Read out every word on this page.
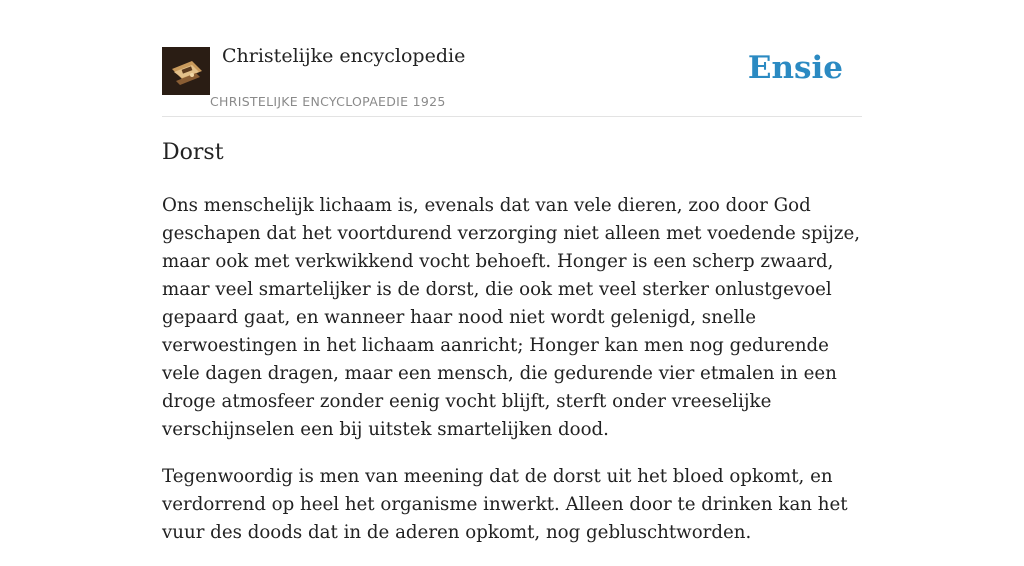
Christelijke encyclopedie
CHRISTELIJKE ENCYCLOPAEDIE 1925
Ensie
Dorst

Ons menschelijk lichaam is, evenals dat van vele dieren, zoo door God geschapen dat het voortdurend verzorging niet alleen met voedende spijze, maar ook met verkwikkend vocht behoeft. Honger is een scherp zwaard, maar veel smartelijker is de dorst, die ook met veel sterker onlustgevoel gepaard gaat, en wanneer haar nood niet wordt gelenigd, snelle verwoestingen in het lichaam aanricht; Honger kan men nog gedurende vele dagen dragen, maar een mensch, die gedurende vier etmalen in een droge atmosfeer zonder eenig vocht blijft, sterft onder vreeselijke verschijnselen een bij uitstek smartelijken dood.

Tegenwoordig is men van meening dat de dorst uit het bloed opkomt, en verdorrend op heel het organisme inwerkt. Alleen door te drinken kan het vuur des doods dat in de aderen opkomt, nog gebluschtworden.
